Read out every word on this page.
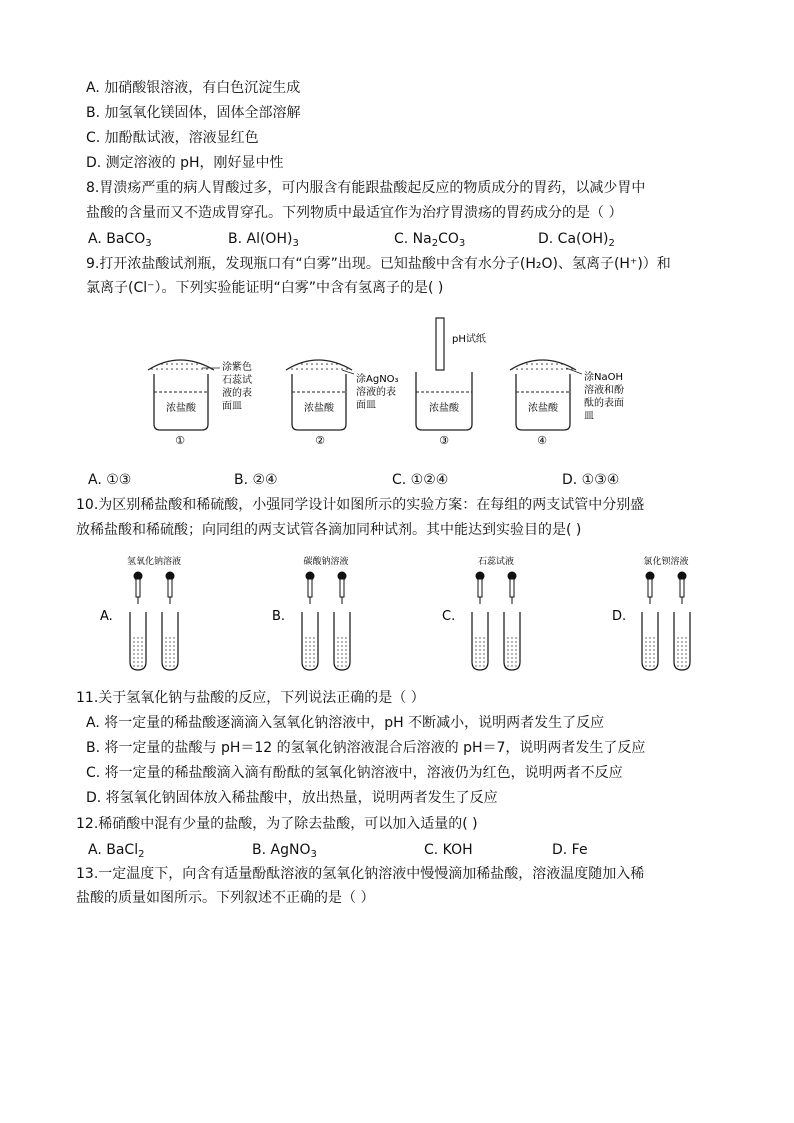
A. 加硝酸银溶液，有白色沉淀生成
B. 加氢氧化镁固体，固体全部溶解
C. 加酚酞试液，溶液显红色
D. 测定溶液的 pH，刚好显中性
8.胃溃疡严重的病人胃酸过多，可内服含有能跟盐酸起反应的物质成分的胃药，以减少胃中
盐酸的含量而又不造成胃穿孔。下列物质中最适宜作为治疗胃溃疡的胃药成分的是（ ）
A. BaCO$_3$	B. $Al(OH)_3$	C. $Na_2CO_3$	D. $Ca(OH)_2$
9.打开浓盐酸试剂瓶，发现瓶口有“白雾”出现。已知盐酸中含有水分子(H₂O)、氢离子(H⁺)）和
氯离子(Cl⁻）。下列实验能证明“白雾”中含有氢离子的是( )
浓盐酸
涂紫色石蕊试液的表面皿
①
浓盐酸
涂AgNO₃ 溶液的表面皿
②
pH试纸
浓盐酸
③
浓盐酸
涂NaOH 溶液和酚酞的表面皿
④
A. ①③	B. ②④	C. ①②④	D. ①③④
10.为区别稀盐酸和稀硫酸，小强同学设计如图所示的实验方案：在每组的两支试管中分别盛
放稀盐酸和稀硫酸；向同组的两支试管各滴加同种试剂。其中能达到实验目的是( )
氢氧化钠溶液
A.
碳酸钠溶液
B.
石蕊试液
C.
氯化钡溶液
D.
11.关于氢氧化钠与盐酸的反应，下列说法正确的是（ ）
A. 将一定量的稀盐酸逐滴滴入氢氧化钠溶液中，pH 不断减小，说明两者发生了反应
B. 将一定量的盐酸与 pH＝12 的氢氧化钠溶液混合后溶液的 pH＝7，说明两者发生了反应
C. 将一定量的稀盐酸滴入滴有酚酞的氢氧化钠溶液中，溶液仍为红色，说明两者不反应
D. 将氢氧化钠固体放入稀盐酸中，放出热量，说明两者发生了反应
12.稀硝酸中混有少量的盐酸，为了除去盐酸，可以加入适量的( )
A. BaCl$_2$	B. AgNO$_3$	C. KOH	D. Fe
13.一定温度下，向含有适量酚酞溶液的氢氧化钠溶液中慢慢滴加稀盐酸，溶液温度随加入稀
盐酸的质量如图所示。下列叙述不正确的是（ ）
